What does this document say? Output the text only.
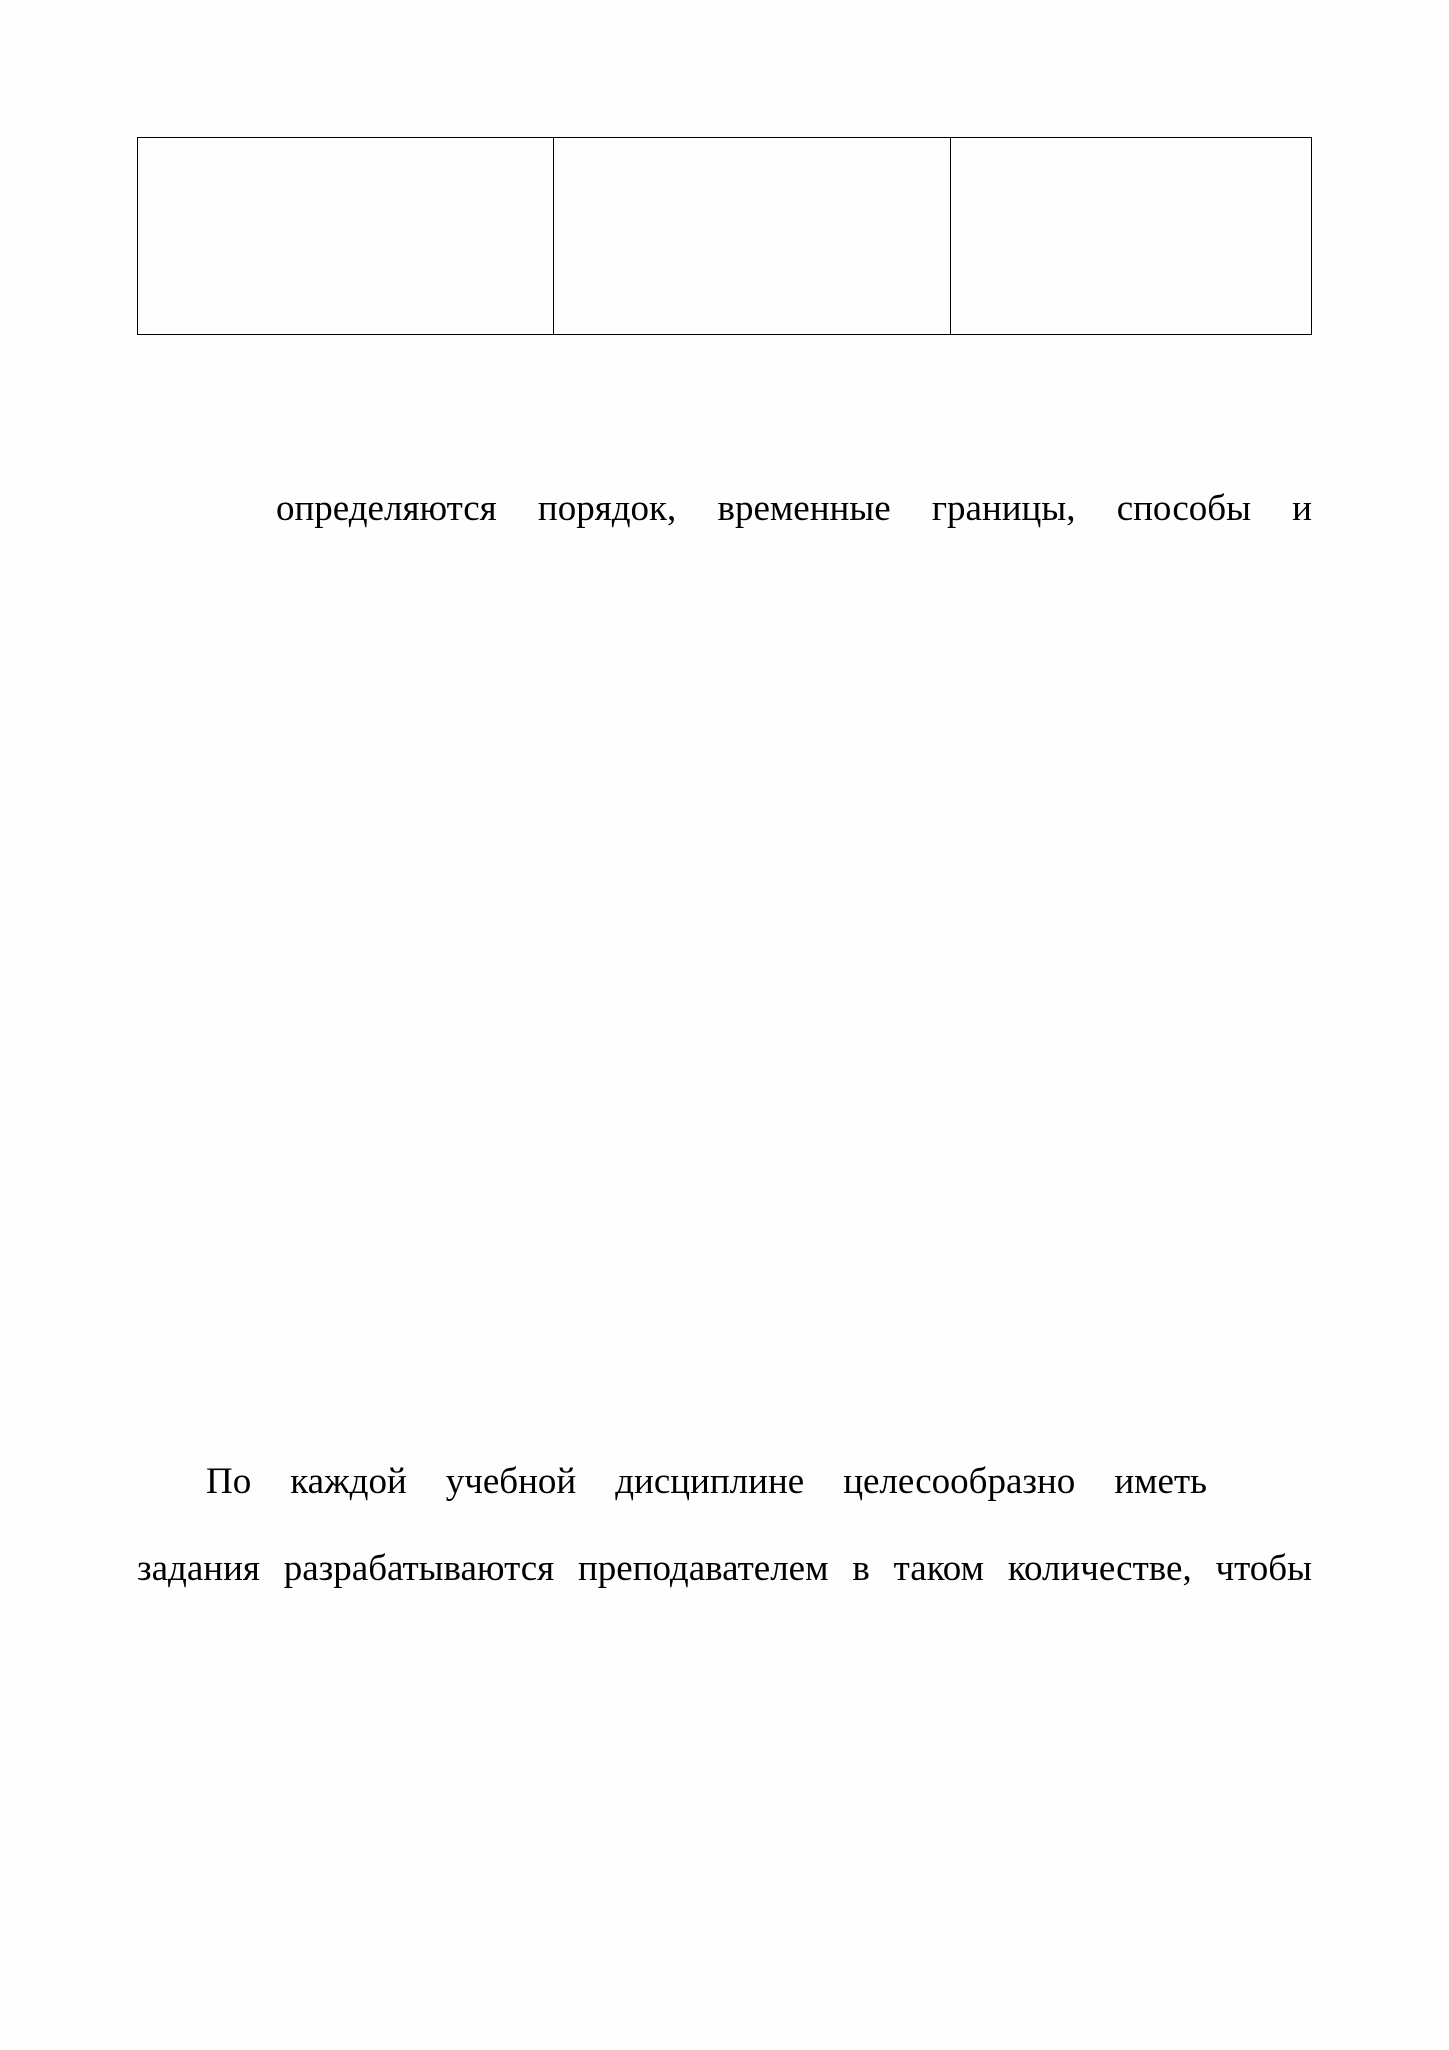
определяются порядок, временные границы, способы и
По каждой учебной дисциплине целесообразно иметь
задания разрабатываются преподавателем в таком количестве, чтобы
